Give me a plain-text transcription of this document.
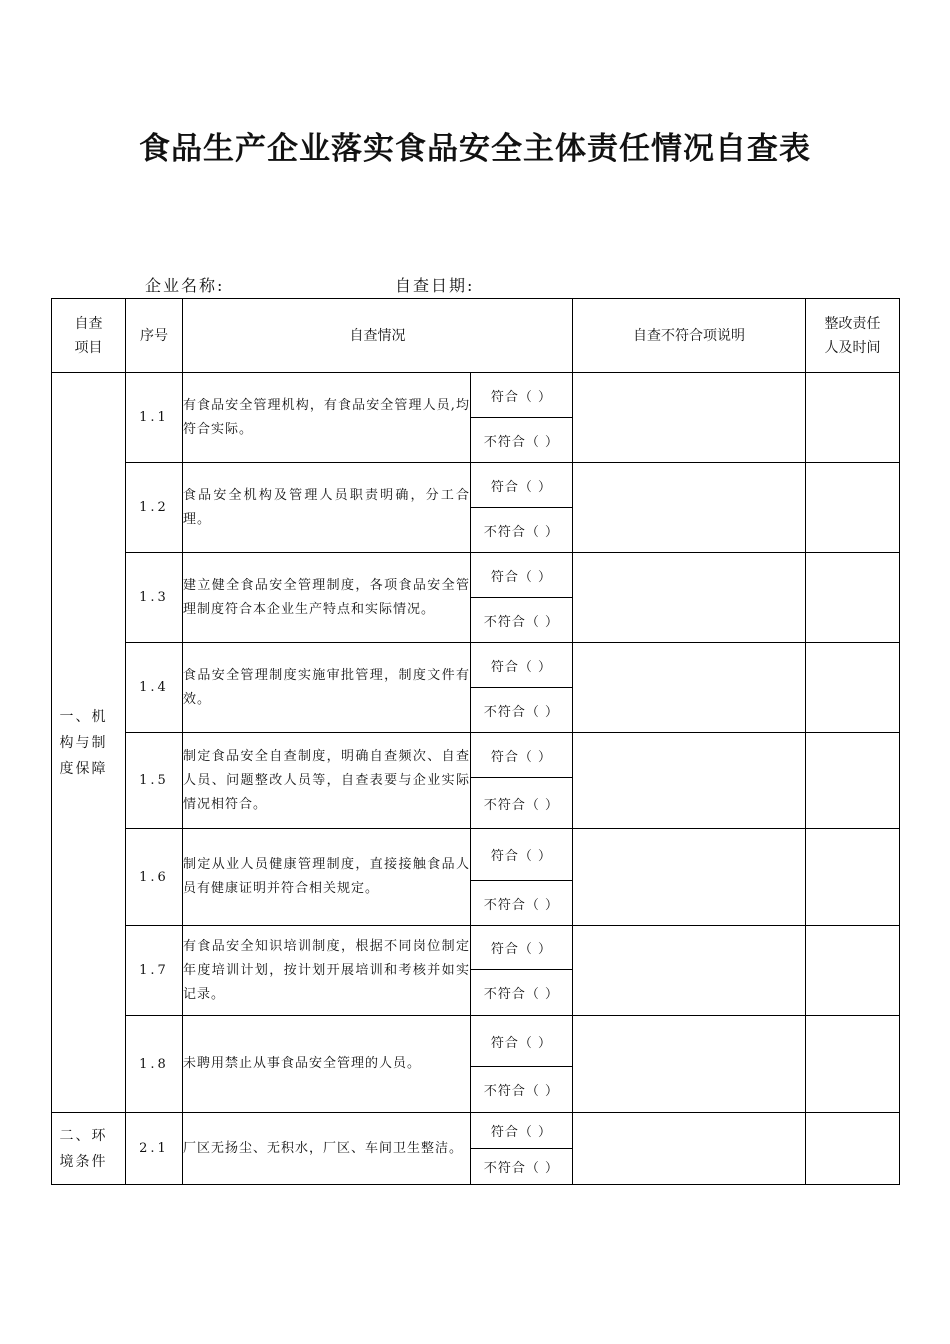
食品生产企业落实食品安全主体责任情况自查表
企业名称:	自查日期:
自查项目	序号	自查情况		自查不符合项说明	整改责任人及时间

一、机构与制度保障	1.1	有食品安全管理机构，有食品安全管理人员,均符合实际。	符合（ ）		
			不符合（ ）		
	1.2	食品安全机构及管理人员职责明确，分工合理。	符合（ ）		
			不符合（ ）		
	1.3	建立健全食品安全管理制度，各项食品安全管理制度符合本企业生产特点和实际情况。	符合（ ）		
			不符合（ ）		
	1.4	食品安全管理制度实施审批管理，制度文件有效。	符合（ ）		
			不符合（ ）		
	1.5	制定食品安全自查制度，明确自查频次、自查人员、问题整改人员等，自查表要与企业实际情况相符合。	符合（ ）		
			不符合（ ）		
	1.6	制定从业人员健康管理制度，直接接触食品人员有健康证明并符合相关规定。	符合（ ）		
			不符合（ ）		
	1.7	有食品安全知识培训制度，根据不同岗位制定年度培训计划，按计划开展培训和考核并如实记录。	符合（ ）		
			不符合（ ）		
	1.8	未聘用禁止从事食品安全管理的人员。	符合（ ）		
			不符合（ ）		

二、环境条件	2.1	厂区无扬尘、无积水，厂区、车间卫生整洁。	符合（ ）		
			不符合（ ）		
